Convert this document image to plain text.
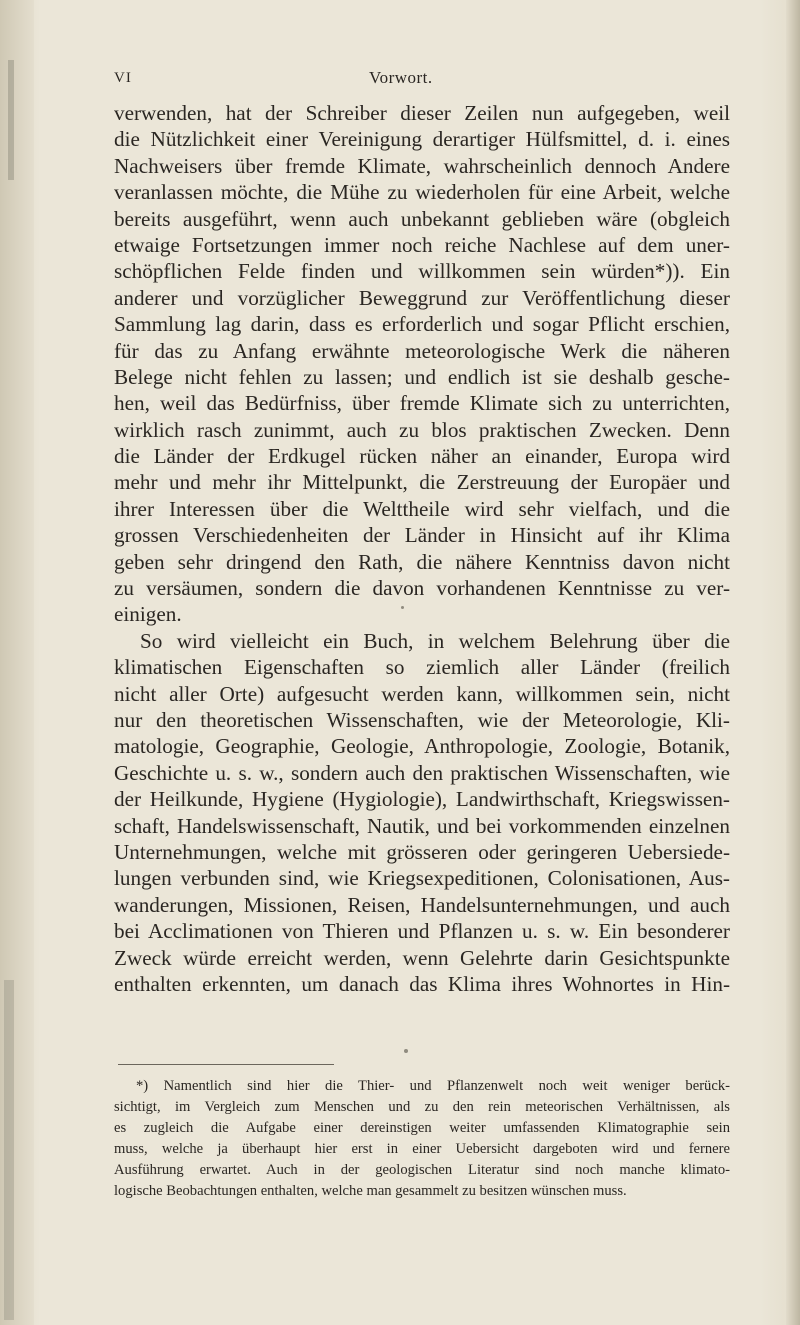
VI	Vorwort.
verwenden, hat der Schreiber dieser Zeilen nun aufgegeben, weil
die Nützlichkeit einer Vereinigung derartiger Hülfsmittel, d. i. eines
Nachweisers über fremde Klimate, wahrscheinlich dennoch Andere
veranlassen möchte, die Mühe zu wiederholen für eine Arbeit, welche
bereits ausgeführt, wenn auch unbekannt geblieben wäre (obgleich
etwaige Fortsetzungen immer noch reiche Nachlese auf dem uner-
schöpflichen Felde finden und willkommen sein würden*)). Ein
anderer und vorzüglicher Beweggrund zur Veröffentlichung dieser
Sammlung lag darin, dass es erforderlich und sogar Pflicht erschien,
für das zu Anfang erwähnte meteorologische Werk die näheren
Belege nicht fehlen zu lassen; und endlich ist sie deshalb gesche-
hen, weil das Bedürfniss, über fremde Klimate sich zu unterrichten,
wirklich rasch zunimmt, auch zu blos praktischen Zwecken. Denn
die Länder der Erdkugel rücken näher an einander, Europa wird
mehr und mehr ihr Mittelpunkt, die Zerstreuung der Europäer und
ihrer Interessen über die Welttheile wird sehr vielfach, und die
grossen Verschiedenheiten der Länder in Hinsicht auf ihr Klima
geben sehr dringend den Rath, die nähere Kenntniss davon nicht
zu versäumen, sondern die davon vorhandenen Kenntnisse zu ver-
einigen.
So wird vielleicht ein Buch, in welchem Belehrung über die
klimatischen Eigenschaften so ziemlich aller Länder (freilich
nicht aller Orte) aufgesucht werden kann, willkommen sein, nicht
nur den theoretischen Wissenschaften, wie der Meteorologie, Kli-
matologie, Geographie, Geologie, Anthropologie, Zoologie, Botanik,
Geschichte u. s. w., sondern auch den praktischen Wissenschaften, wie
der Heilkunde, Hygiene (Hygiologie), Landwirthschaft, Kriegswissen-
schaft, Handelswissenschaft, Nautik, und bei vorkommenden einzelnen
Unternehmungen, welche mit grösseren oder geringeren Uebersiede-
lungen verbunden sind, wie Kriegsexpeditionen, Colonisationen, Aus-
wanderungen, Missionen, Reisen, Handelsunternehmungen, und auch
bei Acclimationen von Thieren und Pflanzen u. s. w. Ein besonderer
Zweck würde erreicht werden, wenn Gelehrte darin Gesichtspunkte
enthalten erkennten, um danach das Klima ihres Wohnortes in Hin-
*) Namentlich sind hier die Thier- und Pflanzenwelt noch weit weniger berück-
sichtigt, im Vergleich zum Menschen und zu den rein meteorischen Verhältnissen, als
es zugleich die Aufgabe einer dereinstigen weiter umfassenden Klimatographie sein
muss, welche ja überhaupt hier erst in einer Uebersicht dargeboten wird und fernere
Ausführung erwartet. Auch in der geologischen Literatur sind noch manche klimato-
logische Beobachtungen enthalten, welche man gesammelt zu besitzen wünschen muss.
